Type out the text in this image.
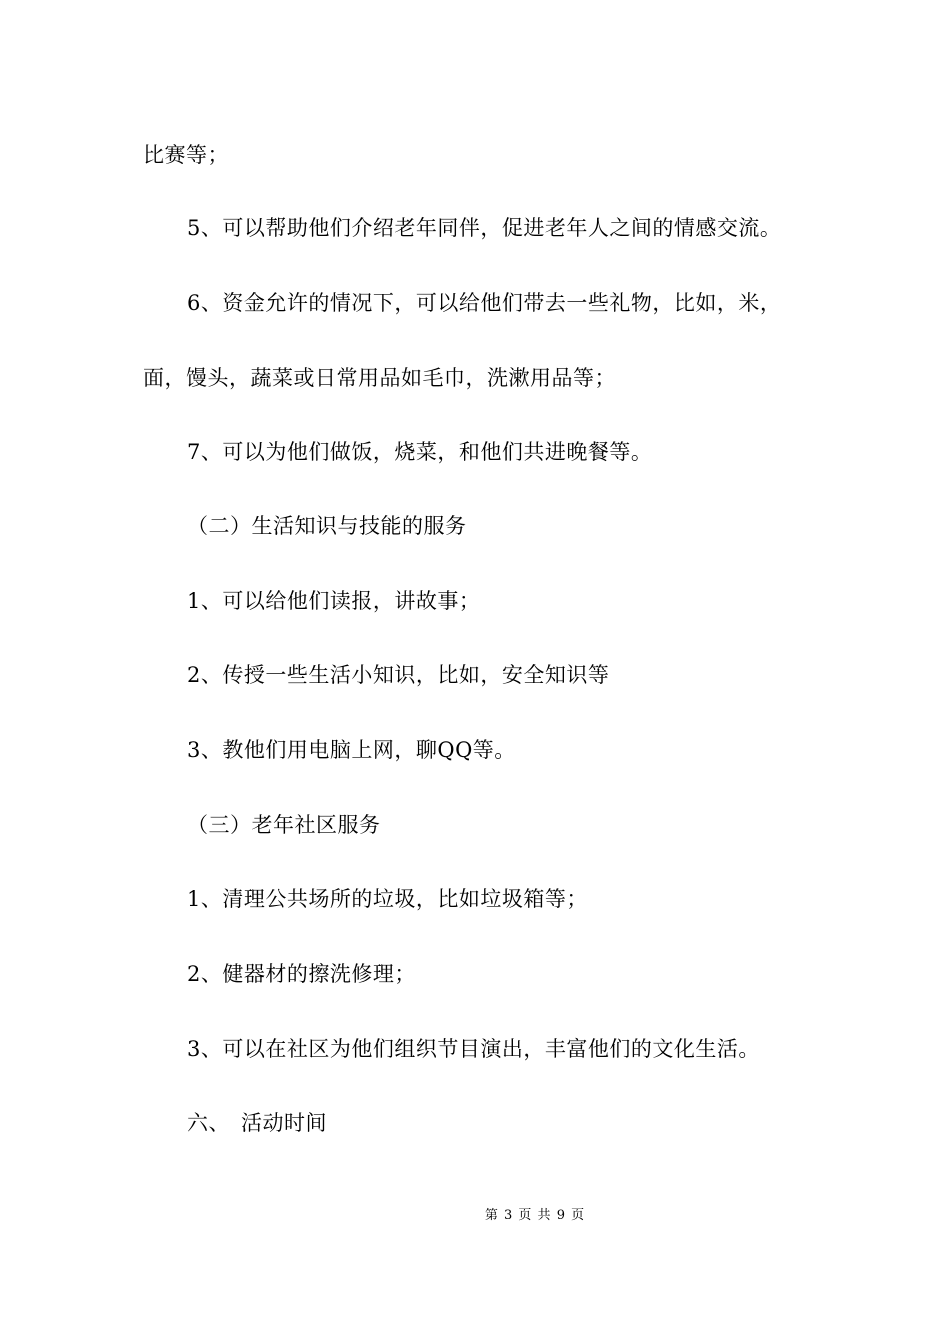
比赛等；
5、可以帮助他们介绍老年同伴，促进老年人之间的情感交流。
6、资金允许的情况下，可以给他们带去一些礼物，比如，米，
面，馒头，蔬菜或日常用品如毛巾，洗漱用品等；
7、可以为他们做饭，烧菜，和他们共进晚餐等。
（二）生活知识与技能的服务
1、可以给他们读报，讲故事；
2、传授一些生活小知识，比如，安全知识等
3、教他们用电脑上网，聊QQ等。
（三）老年社区服务
1、清理公共场所的垃圾，比如垃圾箱等；
2、健器材的擦洗修理；
3、可以在社区为他们组织节目演出，丰富他们的文化生活。
六、　活动时间
第 3 页 共 9 页
